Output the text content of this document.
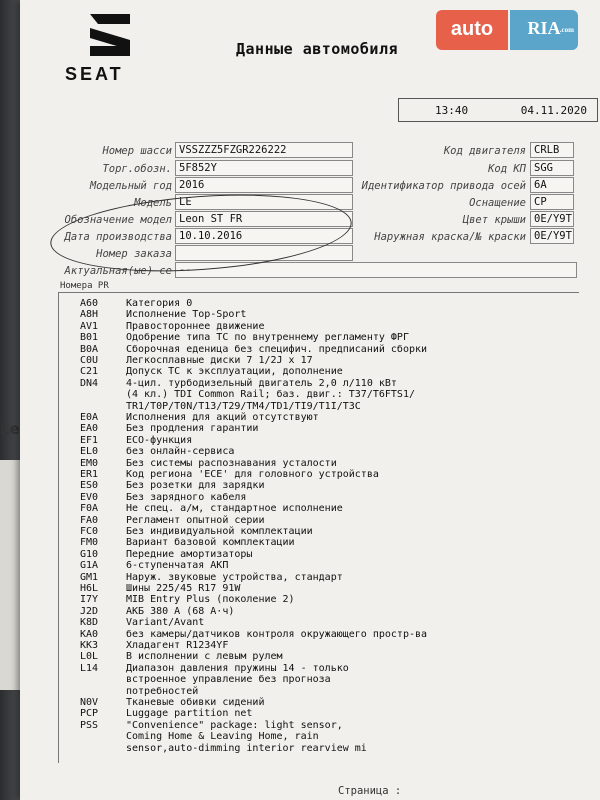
Le
SEAT
Данные автомобиля
13:40	04.11.2020
Номер шасси VSSZZZ5FZGR226222
Торг.обозн. 5F852Y
Модельный год 2016
Модель LE
Обозначение модел Leon ST FR
Дата производства 10.10.2016
Номер заказа
Актуальная(ые) се --
Код двигателя CRLB
Код КП SGG
Идентификатор привода осей 6A
Оснащение CP
Цвет крыши 0E/Y9T
Наружная краска/№ краски 0E/Y9T
Номера PR
A60	Категория 0
A8H	Исполнение Top-Sport
AV1	Правостороннее движение
B01	Одобрение типа ТС по внутреннему регламенту ФРГ
B0A	Сборочная еденица без специфич. предписаний сборки
C0U	Легкосплавные диски 7 1/2J x 17
C21	Допуск ТС к эксплуатации, дополнение
DN4	4-цил. турбодизельный двигатель 2,0 л/110 кВт
(4 кл.) TDI Common Rail; баз. двиг.: T37/T6FTS1/
TR1/T0P/T0N/T13/T29/TM4/TD1/TI9/T1I/T3C
E0A	Исполнения для акций отсутствуют
EA0	Без продления гарантии
EF1	ECO-функция
EL0	без онлайн-сервиса
EM0	Без системы распознавания усталости
ER1	Код региона 'ECE' для головного устройства
ES0	Без розетки для зарядки
EV0	Без зарядного кабеля
F0A	Не спец. а/м, стандартное исполнение
FA0	Регламент опытной серии
FC0	Без индивидуальной комплектации
FM0	Вариант базовой комплектации
G10	Передние амортизаторы
G1A	6-ступенчатая АКП
GM1	Наруж. звуковые устройства, стандарт
H6L	Шины 225/45 R17 91W
I7Y	MIB Entry Plus (поколение 2)
J2D	АКБ 380 А (68 А·ч)
K8D	Variant/Avant
KA0	без камеры/датчиков контроля окружающего простр-ва
KK3	Хладагент R1234YF
L0L	В исполнении с левым рулем
L14	Диапазон давления пружины 14 - только
встроенное управление без прогноза
потребностей
N0V	Тканевые обивки сидений
PCP	Luggage partition net
PSS	"Convenience" package: light sensor,
Coming Home & Leaving Home, rain
sensor,auto-dimming interior rearview mi
Страница :
auto	RIA .com
